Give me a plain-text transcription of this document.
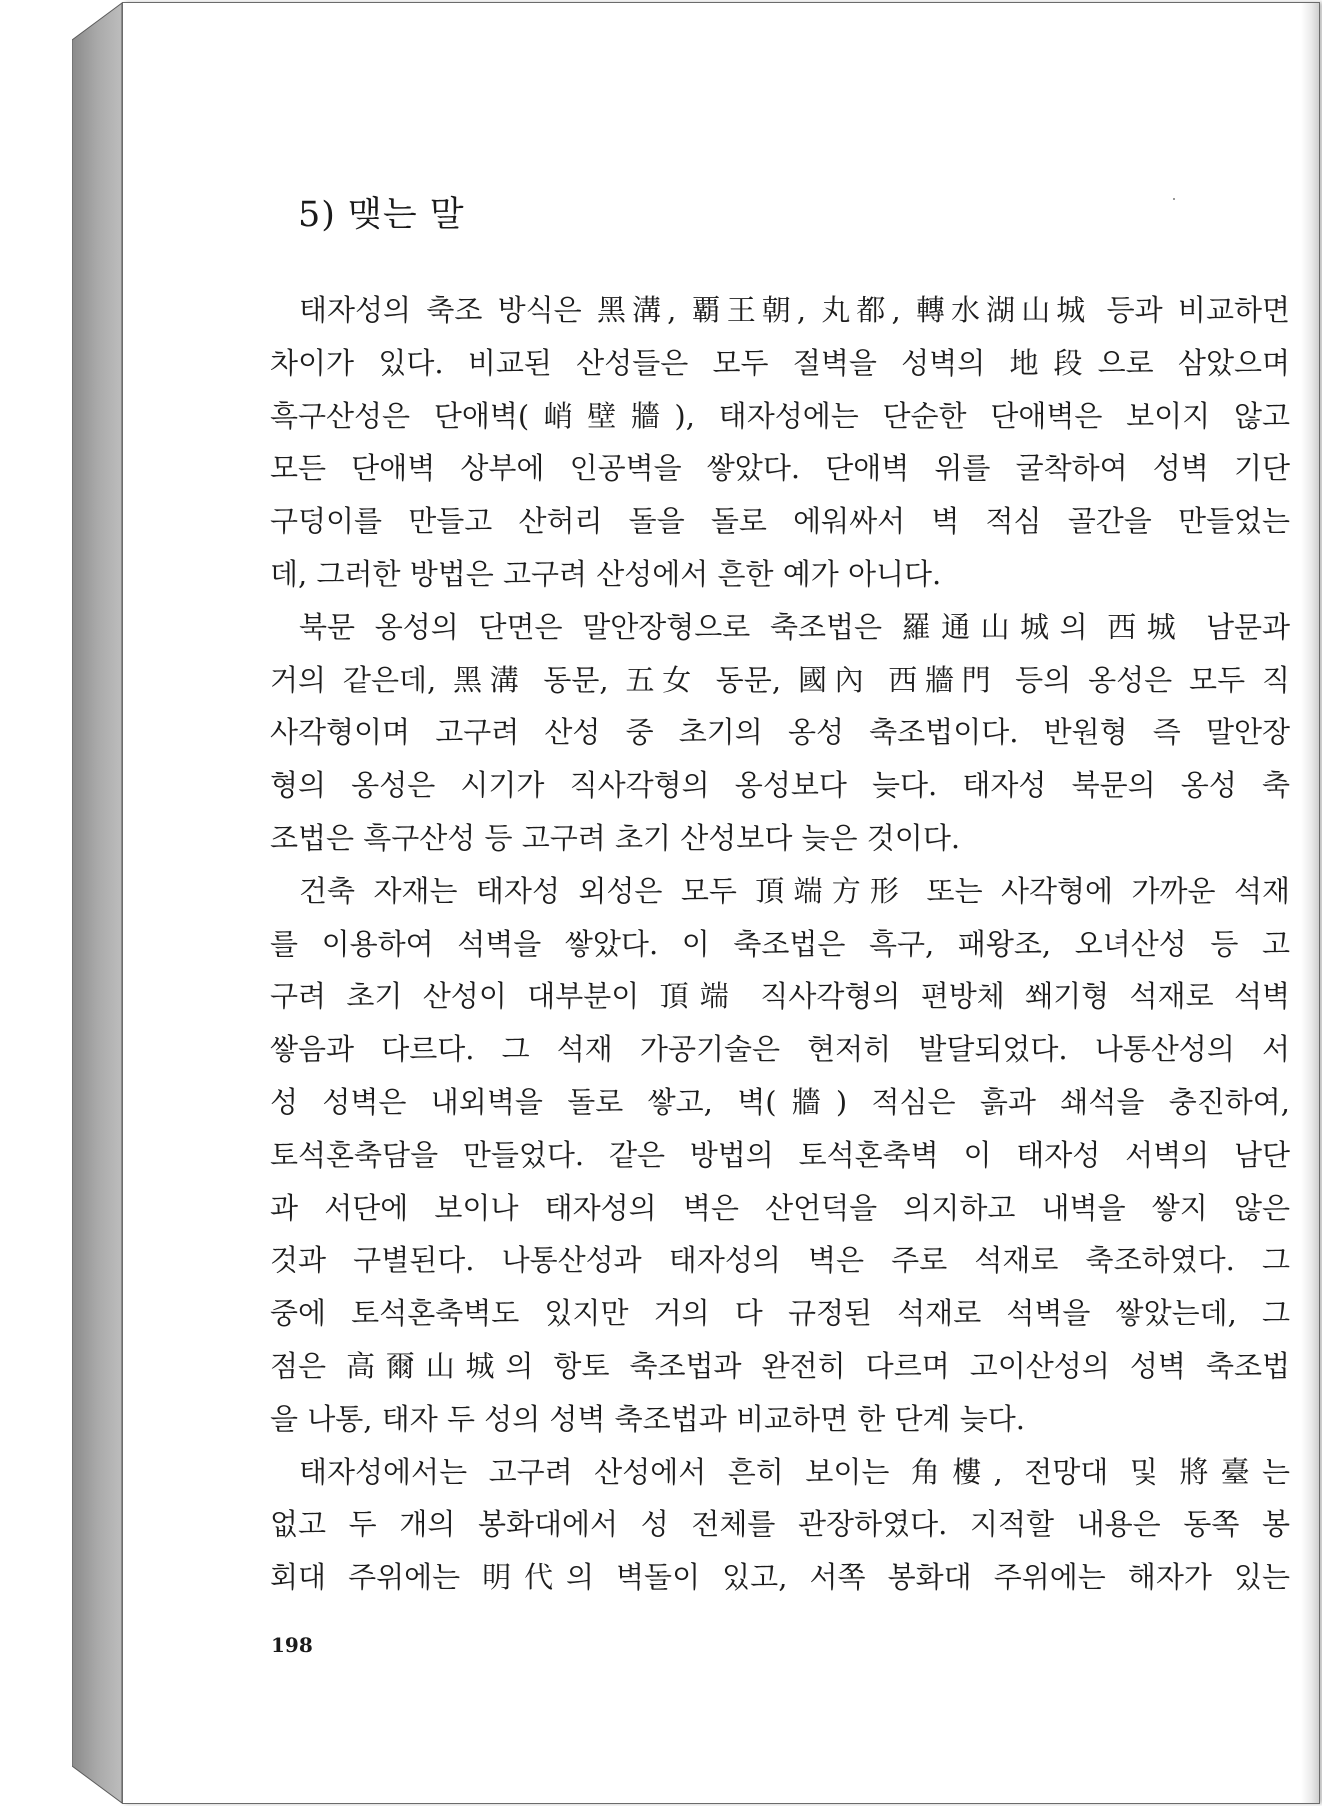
5) 맺는 말
태자성의 축조 방식은 黑溝, 覇王朝, 丸都, 轉水湖山城 등과 비교하면
차이가 있다. 비교된 산성들은 모두 절벽을 성벽의 地段으로 삼았으며
흑구산성은 단애벽(峭壁牆), 태자성에는 단순한 단애벽은 보이지 않고
모든 단애벽 상부에 인공벽을 쌓았다. 단애벽 위를 굴착하여 성벽 기단
구덩이를 만들고 산허리 돌을 돌로 에워싸서 벽 적심 골간을 만들었는
데, 그러한 방법은 고구려 산성에서 흔한 예가 아니다.
북문 옹성의 단면은 말안장형으로 축조법은 羅通山城의 西城 남문과
거의 같은데, 黑溝 동문, 五女 동문, 國內 西牆門 등의 옹성은 모두 직
사각형이며 고구려 산성 중 초기의 옹성 축조법이다. 반원형 즉 말안장
형의 옹성은 시기가 직사각형의 옹성보다 늦다. 태자성 북문의 옹성 축
조법은 흑구산성 등 고구려 초기 산성보다 늦은 것이다.
건축 자재는 태자성 외성은 모두 頂端方形 또는 사각형에 가까운 석재
를 이용하여 석벽을 쌓았다. 이 축조법은 흑구, 패왕조, 오녀산성 등 고
구려 초기 산성이 대부분이 頂端 직사각형의 편방체 쐐기형 석재로 석벽
쌓음과 다르다. 그 석재 가공기술은 현저히 발달되었다. 나통산성의 서
성 성벽은 내외벽을 돌로 쌓고, 벽(牆) 적심은 흙과 쇄석을 충진하여,
토석혼축담을 만들었다. 같은 방법의 토석혼축벽 이 태자성 서벽의 남단
과 서단에 보이나 태자성의 벽은 산언덕을 의지하고 내벽을 쌓지 않은
것과 구별된다. 나통산성과 태자성의 벽은 주로 석재로 축조하였다. 그
중에 토석혼축벽도 있지만 거의 다 규정된 석재로 석벽을 쌓았는데, 그
점은 高爾山城의 항토 축조법과 완전히 다르며 고이산성의 성벽 축조법
을 나통, 태자 두 성의 성벽 축조법과 비교하면 한 단계 늦다.
태자성에서는 고구려 산성에서 흔히 보이는 角樓, 전망대 및 將臺는
없고 두 개의 봉화대에서 성 전체를 관장하였다. 지적할 내용은 동쪽 봉
회대 주위에는 明代의 벽돌이 있고, 서쪽 봉화대 주위에는 해자가 있는

198
